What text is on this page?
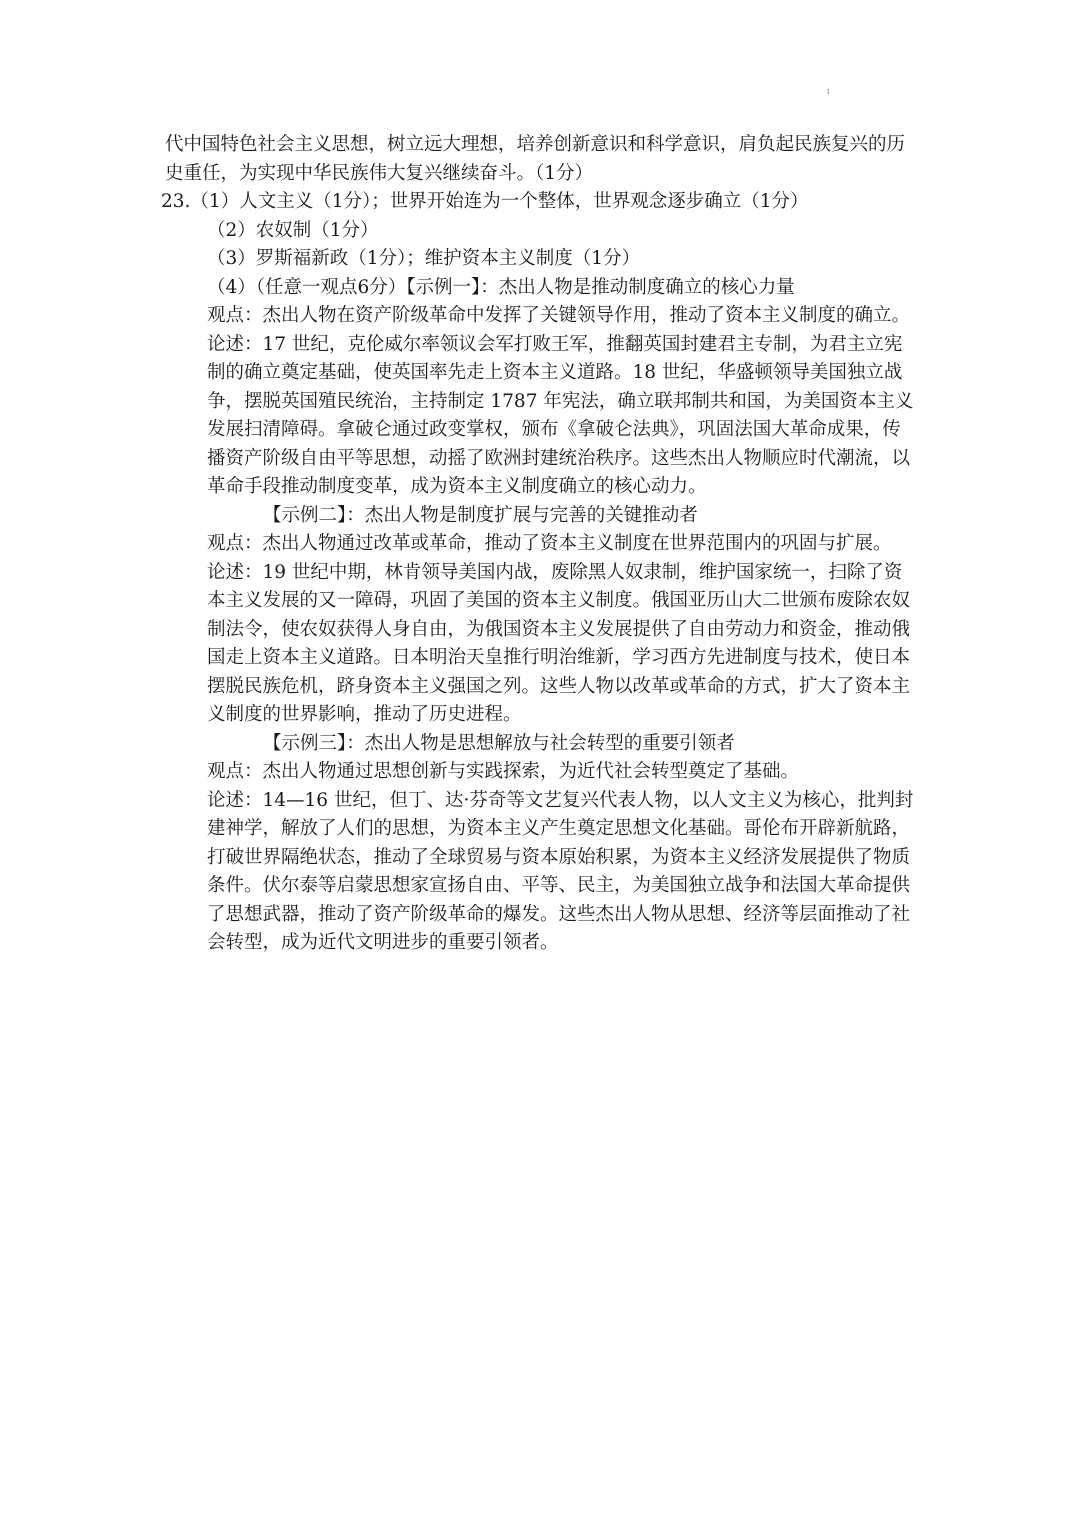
1
代中国特色社会主义思想，树立远大理想，培养创新意识和科学意识，肩负起民族复兴的历
史重任，为实现中华民族伟大复兴继续奋斗。（1分）
23.（1）人文主义（1分）；世界开始连为一个整体，世界观念逐步确立（1分）
（2）农奴制（1分）
（3）罗斯福新政（1分）；维护资本主义制度（1分）
（4）（任意一观点6分）【示例一】：杰出人物是推动制度确立的核心力量
观点：杰出人物在资产阶级革命中发挥了关键领导作用，推动了资本主义制度的确立。
论述：17 世纪，克伦威尔率领议会军打败王军，推翻英国封建君主专制，为君主立宪
制的确立奠定基础，使英国率先走上资本主义道路。18 世纪，华盛顿领导美国独立战
争，摆脱英国殖民统治，主持制定 1787 年宪法，确立联邦制共和国，为美国资本主义
发展扫清障碍。拿破仑通过政变掌权，颁布《拿破仑法典》，巩固法国大革命成果，传
播资产阶级自由平等思想，动摇了欧洲封建统治秩序。这些杰出人物顺应时代潮流，以
革命手段推动制度变革，成为资本主义制度确立的核心动力。
【示例二】：杰出人物是制度扩展与完善的关键推动者
观点：杰出人物通过改革或革命，推动了资本主义制度在世界范围内的巩固与扩展。
论述：19 世纪中期，林肯领导美国内战，废除黑人奴隶制，维护国家统一，扫除了资
本主义发展的又一障碍，巩固了美国的资本主义制度。俄国亚历山大二世颁布废除农奴
制法令，使农奴获得人身自由，为俄国资本主义发展提供了自由劳动力和资金，推动俄
国走上资本主义道路。日本明治天皇推行明治维新，学习西方先进制度与技术，使日本
摆脱民族危机，跻身资本主义强国之列。这些人物以改革或革命的方式，扩大了资本主
义制度的世界影响，推动了历史进程。
【示例三】：杰出人物是思想解放与社会转型的重要引领者
观点：杰出人物通过思想创新与实践探索，为近代社会转型奠定了基础。
论述：14—16 世纪，但丁、达·芬奇等文艺复兴代表人物，以人文主义为核心，批判封
建神学，解放了人们的思想，为资本主义产生奠定思想文化基础。哥伦布开辟新航路，
打破世界隔绝状态，推动了全球贸易与资本原始积累，为资本主义经济发展提供了物质
条件。伏尔泰等启蒙思想家宣扬自由、平等、民主，为美国独立战争和法国大革命提供
了思想武器，推动了资产阶级革命的爆发。这些杰出人物从思想、经济等层面推动了社
会转型，成为近代文明进步的重要引领者。
